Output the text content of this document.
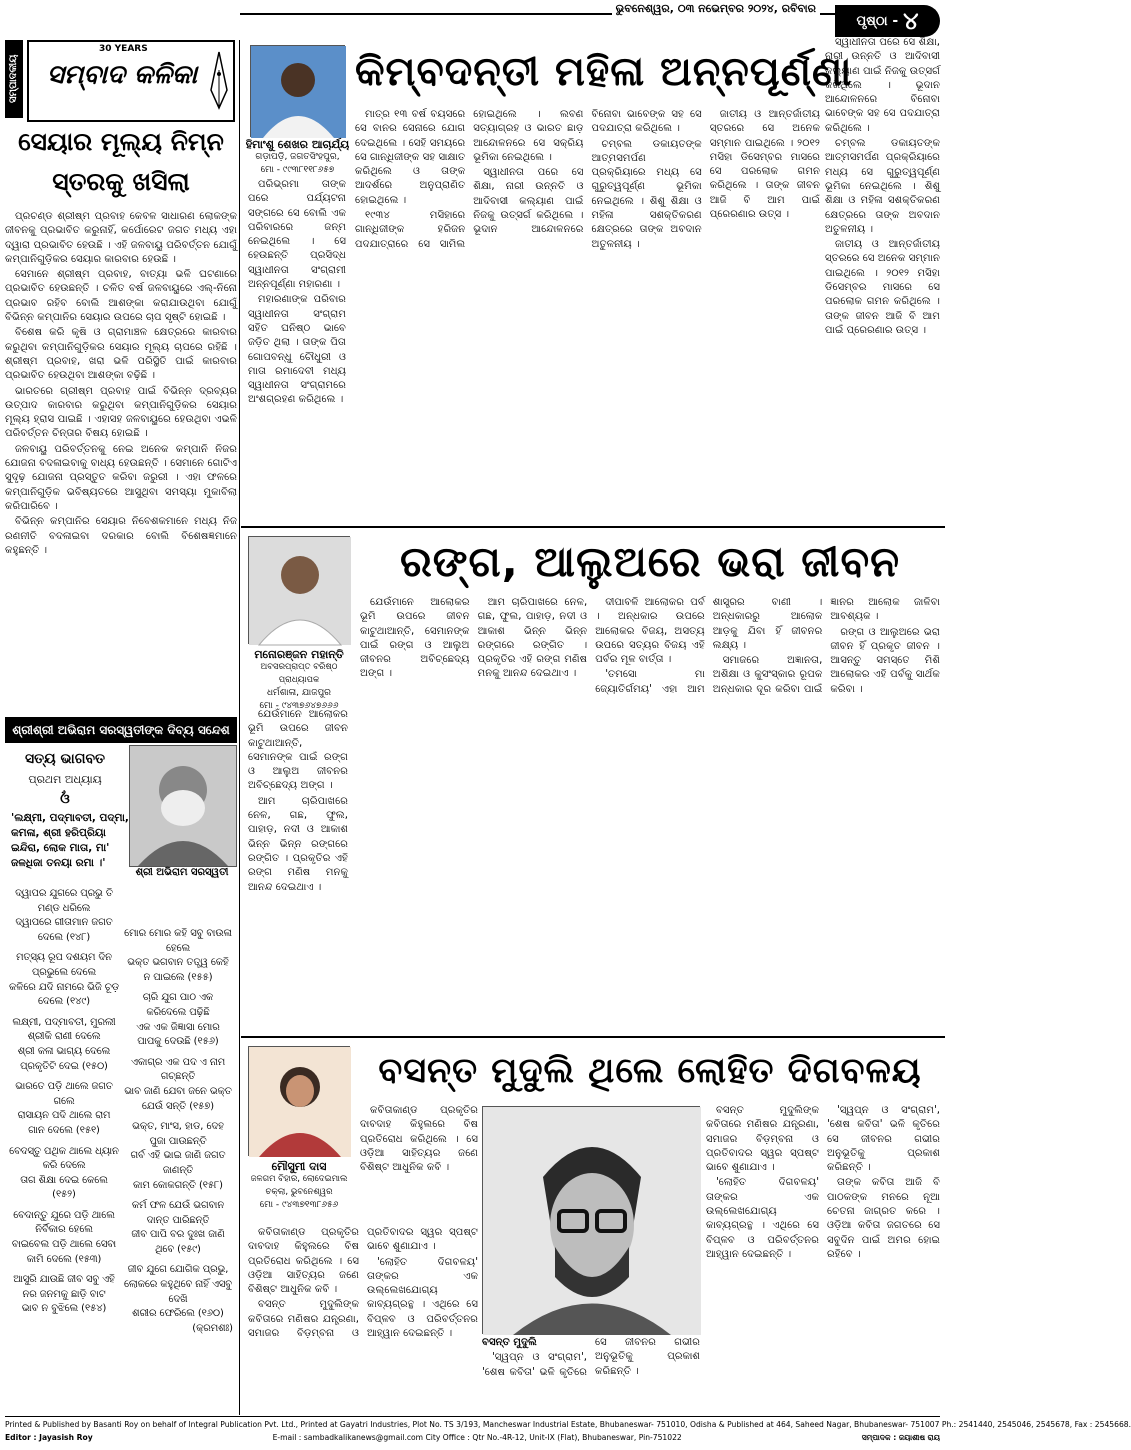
ଭୁବନେଶ୍ୱର, ୦୩ ନଭେମ୍ବର ୨୦୨୪, ରବିବାର
ପୃଷ୍ଠା - ୪
ସମ୍ପାଦକୀୟ
30 YEARS
ସମ୍ବାଦ କଳିକା
ସେୟାର ମୂଲ୍ୟ ନିମ୍ନ ସ୍ତରକୁ ଖସିଲା

ପ୍ରଚଣ୍ଡ ଶ୍ରୀଷ୍ମ ପ୍ରବାହ କେବଳ ସାଧାରଣ ଲୋକଙ୍କ ଜୀବନକୁ ପ୍ରଭାବିତ କରୁନାହିଁ, କର୍ପୋରେଟ ଜଗତ ମଧ୍ୟ ଏହା ଦ୍ୱାରା ପ୍ରଭାବିତ ହେଉଛି । ଏହି ଜଳବାୟୁ ପରିବର୍ତ୍ତନ ଯୋଗୁଁ କମ୍ପାନିଗୁଡ଼ିକର ସେୟାର କାରବାର ହେଉଛି ।

ସେମାନେ ଶ୍ରୀଷ୍ମ ପ୍ରବାହ, ବାତ୍ୟା ଭଳି ଘଟଣାରେ ପ୍ରଭାବିତ ହେଉଛନ୍ତି । ଚଳିତ ବର୍ଷ ଜଳବାୟୁରେ ଏଲ୍-ନିନୋ ପ୍ରଭାବ ରହିବ ବୋଲି ଆଶଙ୍କା କରାଯାଉଥିବା ଯୋଗୁଁ ବିଭିନ୍ନ କମ୍ପାନିର ସେୟାର ଉପରେ ଚାପ ସୃଷ୍ଟି ହୋଇଛି ।

ବିଶେଷ କରି କୃଷି ଓ ଗ୍ରାମାଞ୍ଚଳ କ୍ଷେତ୍ରରେ କାରବାର କରୁଥିବା କମ୍ପାନିଗୁଡ଼ିକର ସେୟାର ମୂଲ୍ୟ ଚାପରେ ରହିଛି । ଶ୍ରୀଷ୍ମ ପ୍ରବାହ, ଖରା ଭଳି ପରିସ୍ଥିତି ପାଇଁ କାରବାର ପ୍ରଭାବିତ ହେଉଥିବା ଆଶଙ୍କା ବଢ଼ିଛି ।

ଭାରତରେ ଗ୍ରୀଷ୍ମ ପ୍ରବାହ ପାଇଁ ବିଭିନ୍ନ ଦ୍ରବ୍ୟର ଉତ୍ପାଦ କାରବାର କରୁଥିବା କମ୍ପାନିଗୁଡ଼ିକର ସେୟାର ମୂଲ୍ୟ ହ୍ରାସ ପାଇଛି । ଏହାସହ ଜଳବାୟୁରେ ହେଉଥିବା ଏଭଳି ପରିବର୍ତ୍ତନ ଚିନ୍ତାର ବିଷୟ ହୋଇଛି ।

ଜଳବାୟୁ ପରିବର୍ତ୍ତନକୁ ନେଇ ଅନେକ କମ୍ପାନି ନିଜର ଯୋଜନା ବଦଳାଇବାକୁ ବାଧ୍ୟ ହେଉଛନ୍ତି । ସେମାନେ ଗୋଟିଏ ସୁଦୃଢ଼ ଯୋଜନା ପ୍ରସ୍ତୁତ କରିବା ଜରୁରୀ । ଏହା ଫଳରେ କମ୍ପାନିଗୁଡ଼ିକ ଭବିଷ୍ୟତରେ ଆସୁଥିବା ସମସ୍ୟା ମୁକାବିଲା କରିପାରିବେ ।

ବିଭିନ୍ନ କମ୍ପାନିର ସେୟାର ନିବେଶକମାନେ ମଧ୍ୟ ନିଜ ରଣନୀତି ବଦଳାଇବା ଦରକାର ବୋଲି ବିଶେଷଜ୍ଞମାନେ କହୁଛନ୍ତି ।

ଶ୍ରୀଶ୍ରୀ ଅଭିରାମ ସରସ୍ୱତୀଙ୍କ ଦିବ୍ୟ ସନ୍ଦେଶ
ସତ୍ୟ ଭାଗବତ
ପ୍ରଥମ ଅଧ୍ୟାୟ
ଓଁ
'ଲକ୍ଷ୍ମୀ, ପଦ୍ମାବତୀ, ପଦ୍ମା, କମଳା, ଶ୍ରୀ ହରିପ୍ରିୟା ଇନ୍ଦିରା, ଲୋକ ମାତା, ମା' ଜଳଧିଜା ତନୟା ରମା ।'
ଶ୍ରୀ ଅଭିରାମ ସରସ୍ୱତୀ
ଦ୍ୱାପର ଯୁଗରେ ପ୍ରଭୁ ତି ମଣ୍ଡ ଧରିଲେ
ଦ୍ୱାପରେ ଗୀତାମାନ ଜଗତ ଦେଲେ (୧୪୮)
ମତ୍ସ୍ୟ ରୂପ ଦଶୟମ ଦିନ ପ୍ରଭୁଲେ ଦେଲେ
କଳିରେ ଯଦି ନାମରେ ଭିଜି ଚୂଡ଼ ଦେଲେ (୧୪୯)
ଲକ୍ଷ୍ମୀ, ପଦ୍ମାବତୀ, ମୁରଲୀ ଶ୍ରୀକି ରାଣୀ ଦେଲେ
ଶ୍ରୀ କଳା ଭାଗ୍ୟ ଦେଲେ ପ୍ରକୃତିଟି ଦେଇ (୧୫୦)
ଭାରତେ ପଡ଼ି ଥାଲେ ଜଗତ ଗଲେ
ରାସାୟନ ପଦି ଥାଲେ ରାମ ଗାନ ଦେଲେ (୧୫୧)
ବେଦସ୍ତୁ ପଥିକ ଥାଲେ ଧ୍ୟାନ କରି ଦେଲେ
ତାଗ ଶିକ୍ଷା ଦେଇ କେଲେ (୧୫୨)
ବେଦାନ୍ତୁ ଯୁରେ ପଡ଼ି ଥାଲେ ନିର୍ବିକାର ହେଲେ
ବାଇବେଲ ପଡ଼ି ଥାଲେ ସେବା କାମି ଦେଲେ (୧୫୩)
ଆସୁରି ଯାଉଛି ଜୀବ ସବୁ ଏହି ନର ଜନମକୁ ଛାଡ଼ି ବାଟ
ଭାବ ନ ବୁଝିଲେ (୧୫୪)
ମୋର ମୋର କହି ସବୁ ବାଉଳା ହେଲେ
ଭକ୍ତ ଭଗବାନ ତତ୍ତ୍ୱ କେହି ନ ପାଇଲେ (୧୫୫)
ଚାରି ଯୁଗ ପାଠ ଏକ କରିଦେଲେ ପଢ଼ିଛି
ଏକ ଏକ ଜିଜ୍ଞାସା ମୋର ପାପକୁ ଦେଉଛି (୧୫୬)
ଏକାଗ୍ର ଏକ ପଦ ଏ ନାମ ଗଚ୍ଛନ୍ତି
ଭାବ ଜାଣି ଯେବା ଜନେ ଭକ୍ତ ଯେଉଁ ସନ୍ତି (୧୫୭)
ଭକ୍ତ, ମାଂସ, ହାଡ, ଦେହ ପୁଜା ପାଉଛନ୍ତି
ଗର୍ବ ଏହି ଭାଇ ଜାଣି ଜଗତ ଜାଣନ୍ତି
କାମ କୋକଗନ୍ତି (୧୫୮)
କର୍ମ ଫଳ ଯେଉଁ ଭଗବାନ ଦାନ୍ତ ପାରିଛନ୍ତି
ଜୀବ ପାପି ବର ଦୁଃଖ ଜାଣି ଥିବେ (୧୫୯)
ଜୀବ ଯୁଗେ ଯୋଗିକ ପ୍ରଭୁ, ଲୋକରେ କହୁଥିବେ ନାହିଁ ଏସବୁ ଦେଖି
ଶରୀର ଫେରିଲେ (୧୬୦)
(କ୍ରମଶଃ)
ହିମାଂଶୁ ଶେଖର ଆଚାର୍ଯ୍ୟ
ଗଡ଼ାପଡ଼ି, ଜଗତସିଂହପୁର,
ମୋ - ୯୯୩୮୧୧୮୬୫୭
କିମ୍ବଦନ୍ତୀ ମହିଳା ଅନ୍ନପୂର୍ଣ୍ଣା

ପରିଭ୍ରମା ତାଙ୍କ ପରେ ପର୍ଯ୍ୟଟନା ସଙ୍ଗରେ ସେ ବୋଲି ଏକ ପରିବାରରେ ଜନ୍ମ ନେଇଥିଲେ । ସେ ହେଉଛନ୍ତି ପ୍ରସିଦ୍ଧ ସ୍ୱାଧୀନତା ସଂଗ୍ରାମୀ ଅନ୍ନପୂର୍ଣ୍ଣା ମହାରଣା ।

ମହାରଣାଙ୍କ ପରିବାର ସ୍ୱାଧୀନତା ସଂଗ୍ରାମ ସହିତ ଘନିଷ୍ଠ ଭାବେ ଜଡ଼ିତ ଥିଲା । ତାଙ୍କ ପିତା ଗୋପବନ୍ଧୁ ଚୌଧୁରୀ ଓ ମାତା ରମାଦେବୀ ମଧ୍ୟ ସ୍ୱାଧୀନତା ସଂଗ୍ରାମରେ ଅଂଶଗ୍ରହଣ କରିଥିଲେ ।

ମାତ୍ର ୧୩ ବର୍ଷ ବୟସରେ ସେ ବାନର ସେନାରେ ଯୋଗ ଦେଇଥିଲେ । ସେହି ସମୟରେ ସେ ଗାନ୍ଧିଜୀଙ୍କ ସହ ସାକ୍ଷାତ କରିଥିଲେ ଓ ତାଙ୍କ ଆଦର୍ଶରେ ଅନୁପ୍ରାଣିତ ହୋଇଥିଲେ ।

୧୯୩୪ ମସିହାରେ ଗାନ୍ଧିଜୀଙ୍କ ହରିଜନ ପଦଯାତ୍ରାରେ ସେ ସାମିଲ ହୋଇଥିଲେ । ଲବଣ ସତ୍ୟାଗ୍ରହ ଓ ଭାରତ ଛାଡ଼ ଆନ୍ଦୋଳନରେ ସେ ସକ୍ରିୟ ଭୂମିକା ନେଇଥିଲେ ।

ସ୍ୱାଧୀନତା ପରେ ସେ ଶିକ୍ଷା, ନାରୀ ଉନ୍ନତି ଓ ଆଦିବାସୀ କଲ୍ୟାଣ ପାଇଁ ନିଜକୁ ଉତ୍ସର୍ଗ କରିଥିଲେ । ଭୂଦାନ ଆନ୍ଦୋଳନରେ ବିନୋବା ଭାବେଙ୍କ ସହ ସେ ପଦଯାତ୍ରା କରିଥିଲେ ।

ଚମ୍ବଲ ଡକାୟତଙ୍କ ଆତ୍ମସମର୍ପଣ ପ୍ରକ୍ରିୟାରେ ମଧ୍ୟ ସେ ଗୁରୁତ୍ୱପୂର୍ଣ୍ଣ ଭୂମିକା ନେଇଥିଲେ । ଶିଶୁ ଶିକ୍ଷା ଓ ମହିଳା ସଶକ୍ତିକରଣ କ୍ଷେତ୍ରରେ ତାଙ୍କ ଅବଦାନ ଅତୁଳନୀୟ ।

ଜାତୀୟ ଓ ଆନ୍ତର୍ଜାତୀୟ ସ୍ତରରେ ସେ ଅନେକ ସମ୍ମାନ ପାଇଥିଲେ । ୨୦୧୨ ମସିହା ଡିସେମ୍ବର ମାସରେ ସେ ପରଲୋକ ଗମନ କରିଥିଲେ । ତାଙ୍କ ଜୀବନ ଆଜି ବି ଆମ ପାଇଁ ପ୍ରେରଣାର ଉତ୍ସ ।

ସ୍ୱାଧୀନତା ପରେ ସେ ଶିକ୍ଷା, ନାରୀ ଉନ୍ନତି ଓ ଆଦିବାସୀ କଲ୍ୟାଣ ପାଇଁ ନିଜକୁ ଉତ୍ସର୍ଗ କରିଥିଲେ । ଭୂଦାନ ଆନ୍ଦୋଳନରେ ବିନୋବା ଭାବେଙ୍କ ସହ ସେ ପଦଯାତ୍ରା କରିଥିଲେ ।

ଚମ୍ବଲ ଡକାୟତଙ୍କ ଆତ୍ମସମର୍ପଣ ପ୍ରକ୍ରିୟାରେ ମଧ୍ୟ ସେ ଗୁରୁତ୍ୱପୂର୍ଣ୍ଣ ଭୂମିକା ନେଇଥିଲେ । ଶିଶୁ ଶିକ୍ଷା ଓ ମହିଳା ସଶକ୍ତିକରଣ କ୍ଷେତ୍ରରେ ତାଙ୍କ ଅବଦାନ ଅତୁଳନୀୟ ।

ଜାତୀୟ ଓ ଆନ୍ତର୍ଜାତୀୟ ସ୍ତରରେ ସେ ଅନେକ ସମ୍ମାନ ପାଇଥିଲେ । ୨୦୧୨ ମସିହା ଡିସେମ୍ବର ମାସରେ ସେ ପରଲୋକ ଗମନ କରିଥିଲେ । ତାଙ୍କ ଜୀବନ ଆଜି ବି ଆମ ପାଇଁ ପ୍ରେରଣାର ଉତ୍ସ ।

ରଙ୍ଗ, ଆଲୁଅରେ ଭରା ଜୀବନ
ମନୋରଞ୍ଜନ ମହାନ୍ତି
ଅବସରପ୍ରାପ୍ତ ବରିଷ୍ଠ ପ୍ରାଧ୍ୟାପକ
ଧର୍ମଶାଳା, ଯାଜପୁର
ମୋ - ୯୪୩୭୬୪୭୬୬୬

ଯେଉଁମାନେ ଆଲୋକର ଭୂମି ଉପରେ ଜୀବନ କାଟୁଥାଆନ୍ତି, ସେମାନଙ୍କ ପାଇଁ ରଙ୍ଗ ଓ ଆଲୁଅ ଜୀବନର ଅବିଚ୍ଛେଦ୍ୟ ଅଙ୍ଗ ।

ଆମ ଚାରିପାଖରେ ନେଳ, ଗଛ, ଫୁଲ, ପାହାଡ଼, ନଦୀ ଓ ଆକାଶ ଭିନ୍ନ ଭିନ୍ନ ରଙ୍ଗରେ ରଙ୍ଗିତ । ପ୍ରକୃତିର ଏହି ରଙ୍ଗ ମଣିଷ ମନକୁ ଆନନ୍ଦ ଦେଇଥାଏ ।

ଯେଉଁମାନେ ଆଲୋକର ଭୂମି ଉପରେ ଜୀବନ କାଟୁଥାଆନ୍ତି, ସେମାନଙ୍କ ପାଇଁ ରଙ୍ଗ ଓ ଆଲୁଅ ଜୀବନର ଅବିଚ୍ଛେଦ୍ୟ ଅଙ୍ଗ ।

ଆମ ଚାରିପାଖରେ ନେଳ, ଗଛ, ଫୁଲ, ପାହାଡ଼, ନଦୀ ଓ ଆକାଶ ଭିନ୍ନ ଭିନ୍ନ ରଙ୍ଗରେ ରଙ୍ଗିତ । ପ୍ରକୃତିର ଏହି ରଙ୍ଗ ମଣିଷ ମନକୁ ଆନନ୍ଦ ଦେଇଥାଏ ।

ଦୀପାବଳି ଆଲୋକର ପର୍ବ । ଅନ୍ଧକାର ଉପରେ ଆଲୋକର ବିଜୟ, ଅସତ୍ୟ ଉପରେ ସତ୍ୟର ବିଜୟ ଏହି ପର୍ବର ମୂଳ ବାର୍ତ୍ତା ।

'ତମସୋ ମା ଜ୍ୟୋତିର୍ଗମୟ' ଏହା ଆମ ଶାସ୍ତ୍ରର ବାଣୀ । ଅନ୍ଧକାରରୁ ଆଲୋକ ଆଡ଼କୁ ଯିବା ହିଁ ଜୀବନର ଲକ୍ଷ୍ୟ ।

ସମାଜରେ ଅଜ୍ଞାନତା, ଅଶିକ୍ଷା ଓ କୁସଂସ୍କାର ରୂପକ ଅନ୍ଧକାର ଦୂର କରିବା ପାଇଁ ଜ୍ଞାନର ଆଲୋକ ଜାଳିବା ଆବଶ୍ୟକ ।

ରଙ୍ଗ ଓ ଆଲୁଅରେ ଭରା ଜୀବନ ହିଁ ପ୍ରକୃତ ଜୀବନ । ଆସନ୍ତୁ ସମସ୍ତେ ମିଶି ଆଲୋକର ଏହି ପର୍ବକୁ ସାର୍ଥକ କରିବା ।

ବସନ୍ତ ମୁଦୁଲି ଥିଲେ ଲୋହିତ ଦିଗବଳୟ
ମୌସୁମୀ ଦାସ
ଜଳଗମ ବିହାର, ଲୋଦେଇମାଲ ଚକ୍ଲା, ଭୁବନେଶ୍ୱର
ମୋ - ୯୪୩୭୧୩୮୬୫୬

କବିତାକାଣ୍ଡ ପ୍ରକୃତିର ଦାବଦାହ କିହୁଲରେ ବିଷ ପ୍ରତିରୋଧ କରିଥିଲେ । ସେ ଓଡ଼ିଆ ସାହିତ୍ୟର ଜଣେ ବିଶିଷ୍ଟ ଆଧୁନିକ କବି ।

ବସନ୍ତ ମୁଦୁଲିଙ୍କ କବିତାରେ ମଣିଷର ଯନ୍ତ୍ରଣା, ସମାଜର ବିଡ଼ମ୍ବନା ଓ ପ୍ରତିବାଦର ସ୍ୱର ସ୍ପଷ୍ଟ ଭାବେ ଶୁଣାଯାଏ ।

'ଲୋହିତ ଦିଗବଳୟ' ତାଙ୍କର ଏକ ଉଲ୍ଲେଖଯୋଗ୍ୟ କାବ୍ୟଗ୍ରନ୍ଥ । ଏଥିରେ ସେ ବିପ୍ଳବ ଓ ପରିବର୍ତ୍ତନର ଆହ୍ୱାନ ଦେଇଛନ୍ତି ।

କବିତାକାଣ୍ଡ ପ୍ରକୃତିର ଦାବଦାହ କିହୁଲରେ ବିଷ ପ୍ରତିରୋଧ କରିଥିଲେ । ସେ ଓଡ଼ିଆ ସାହିତ୍ୟର ଜଣେ ବିଶିଷ୍ଟ ଆଧୁନିକ କବି ।

ବସନ୍ତ ମୁଦୁଲି

'ସ୍ୱପ୍ନ ଓ ସଂଗ୍ରାମ', 'ଶେଷ କବିତା' ଭଳି କୃତିରେ ସେ ଜୀବନର ଗଭୀର ଅନୁଭୂତିକୁ ପ୍ରକାଶ କରିଛନ୍ତି ।

ବସନ୍ତ ମୁଦୁଲିଙ୍କ କବିତାରେ ମଣିଷର ଯନ୍ତ୍ରଣା, ସମାଜର ବିଡ଼ମ୍ବନା ଓ ପ୍ରତିବାଦର ସ୍ୱର ସ୍ପଷ୍ଟ ଭାବେ ଶୁଣାଯାଏ ।

'ଲୋହିତ ଦିଗବଳୟ' ତାଙ୍କର ଏକ ଉଲ୍ଲେଖଯୋଗ୍ୟ କାବ୍ୟଗ୍ରନ୍ଥ । ଏଥିରେ ସେ ବିପ୍ଳବ ଓ ପରିବର୍ତ୍ତନର ଆହ୍ୱାନ ଦେଇଛନ୍ତି ।

'ସ୍ୱପ୍ନ ଓ ସଂଗ୍ରାମ', 'ଶେଷ କବିତା' ଭଳି କୃତିରେ ସେ ଜୀବନର ଗଭୀର ଅନୁଭୂତିକୁ ପ୍ରକାଶ କରିଛନ୍ତି ।

ତାଙ୍କ କବିତା ଆଜି ବି ପାଠକଙ୍କ ମନରେ ନୂଆ ଚେତନା ଜାଗ୍ରତ କରେ । ଓଡ଼ିଆ କବିତା ଜଗତରେ ସେ ସବୁଦିନ ପାଇଁ ଅମର ହୋଇ ରହିବେ ।

Printed & Published by Basanti Roy on behalf of Integral Publication Pvt. Ltd., Printed at Gayatri Industries, Plot No. TS 3/193, Mancheswar Industrial Estate, Bhubaneswar- 751010, Odisha & Published at 464, Saheed Nagar, Bhubaneswar- 751007 Ph.: 2541440, 2545046, 2545678, Fax : 2545668.
Editor : Jayasish Roy	E-mail : sambadkalikanews@gmail.com City Office : Qtr No.-4R-12, Unit-IX (Flat), Bhubaneswar, Pin-751022	ସମ୍ପାଦକ : ଜୟାଶୀଷ ରାୟ
